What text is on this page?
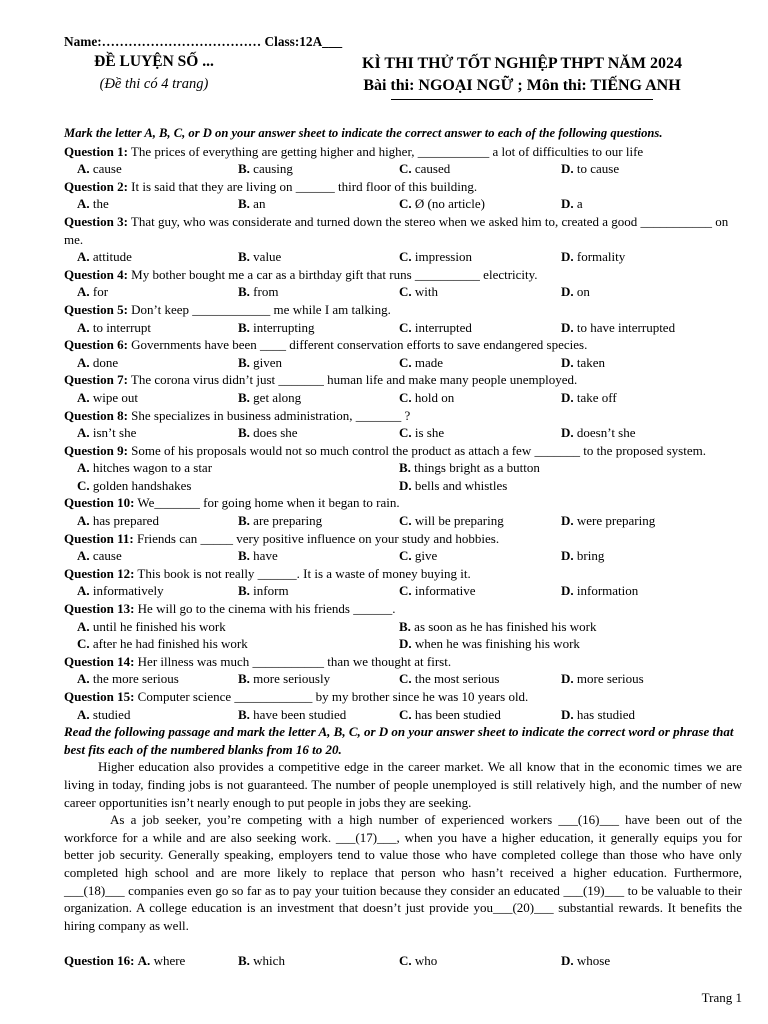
Name:……………………………… Class:12A___
ĐỀ LUYỆN SỐ ...
(Đề thi có 4 trang)
KÌ THI THỬ TỐT NGHIỆP THPT NĂM 2024
Bài thi: NGOẠI NGỮ ; Môn thi: TIẾNG ANH
Mark the letter A, B, C, or D on your answer sheet to indicate the correct answer to each of the following questions.
Question 1: The prices of everything are getting higher and higher, ___________ a lot of difficulties to our life
A. cause	B. causing	C. caused	D. to cause
Question 2: It is said that they are living on ______ third floor of this building.
A. the	B. an	C. Ø (no article)	D. a
Question 3: That guy, who was considerate and turned down the stereo when we asked him to, created a good ___________ on me.
A. attitude	B. value	C. impression	D. formality
Question 4: My bother bought me a car as a birthday gift that runs __________ electricity.
A. for	B. from	C. with	D. on
Question 5: Don’t keep ____________ me while I am talking.
A. to interrupt	B. interrupting	C. interrupted	D. to have interrupted
Question 6: Governments have been ____ different conservation efforts to save endangered species.
A. done	B. given	C. made	D. taken
Question 7: The corona virus didn’t just _______ human life and make many people unemployed.
A. wipe out	B. get along	C. hold on	D. take off
Question 8: She specializes in business administration, _______ ?
A. isn’t she	B. does she	C. is she	D. doesn’t she
Question 9: Some of his proposals would not so much control the product as attach a few _______ to the proposed system.
A. hitches wagon to a star	B. things bright as a button
C. golden handshakes	D. bells and whistles
Question 10: We_______ for going home when it began to rain.
A. has prepared	B. are preparing	C. will be preparing	D. were preparing
Question 11: Friends can _____ very positive influence on your study and hobbies.
A. cause	B. have	C. give	D. bring
Question 12: This book is not really ______. It is a waste of money buying it.
A. informatively	B. inform	C. informative	D. information
Question 13: He will go to the cinema with his friends ______.
A. until he finished his work	B. as soon as he has finished his work
C. after he had finished his work	D. when he was finishing his work
Question 14: Her illness was much ___________ than we thought at first.
A. the more serious	B. more seriously	C. the most serious	D. more serious
Question 15: Computer science ____________ by my brother since he was 10 years old.
A. studied	B. have been studied	C. has been studied	D. has studied
Read the following passage and mark the letter A, B, C, or D on your answer sheet to indicate the correct word or phrase that best fits each of the numbered blanks from 16 to 20.
Higher education also provides a competitive edge in the career market. We all know that in the economic times we are living in today, finding jobs is not guaranteed. The number of people unemployed is still relatively high, and the number of new career opportunities isn’t nearly enough to put people in jobs they are seeking.
As a job seeker, you’re competing with a high number of experienced workers ___(16)___ have been out of the workforce for a while and are also seeking work. ___(17)___, when you have a higher education, it generally equips you for better job security. Generally speaking, employers tend to value those who have completed college than those who have only completed high school and are more likely to replace that person who hasn’t received a higher education. Furthermore, ___(18)___ companies even go so far as to pay your tuition because they consider an educated ___(19)___ to be valuable to their organization. A college education is an investment that doesn’t just provide you___(20)___ substantial rewards. It benefits the hiring company as well.
Question 16: A. where	B. which	C. who	D. whose
Trang 1
